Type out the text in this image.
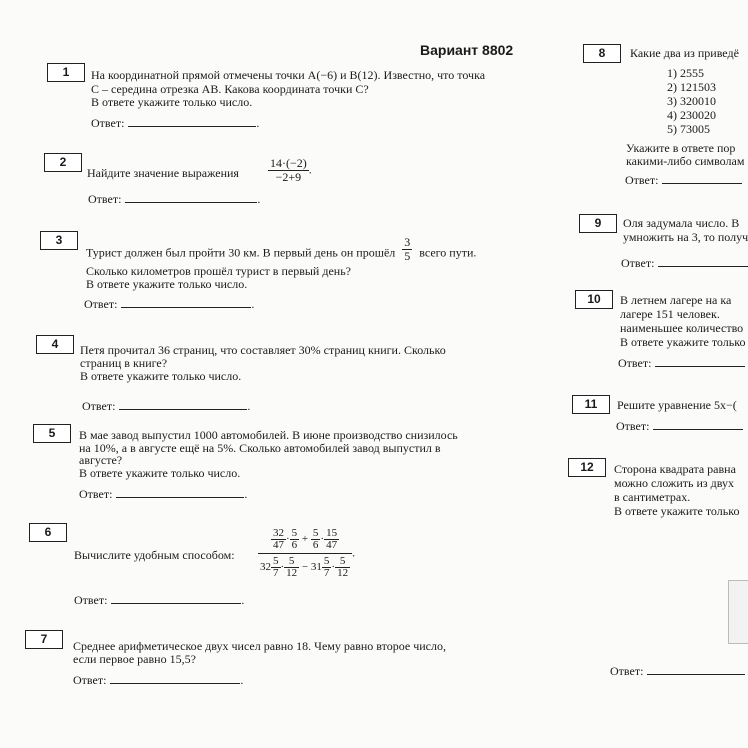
Вариант 8802
1	На координатной прямой отмечены точки A(−6) и B(12). Известно, что точка
C – середина отрезка AB. Какова координата точки C?
В ответе укажите только число.
Ответ:	.
2
Найдите значение выражения $\frac{14\cdot(-2)}{-2+9}$ .
Ответ:	.
3
Турист должен был пройти 30 км. В первый день он прошёл $\frac{3}{5}$ всего пути.
Сколько километров прошёл турист в первый день?
В ответе укажите только число.
Ответ:	.
4	Петя прочитал 36 страниц, что составляет 30% страниц книги. Сколько
страниц в книге?
В ответе укажите только число.
Ответ:	.
5	В мае завод выпустил 1000 автомобилей. В июне производство снизилось
на 10%, а в августе ещё на 5%. Сколько автомобилей завод выпустил в
августе?
В ответе укажите только число.
Ответ:	.
6
Вычислите удобным способом: $\frac{\frac{32}{47} \cdot \frac{5}{6} + \frac{5}{6} \cdot \frac{15}{47}}{32 \frac{5}{7} \cdot \frac{5}{12} - 31 \frac{5}{7} \cdot \frac{5}{12}}$ .
Ответ:	.
7	Среднее арифметическое двух чисел равно 18. Чему равно второе число,
если первое равно 15,5?
Ответ:	.
8	Какие два из приведё
1) 2555
2) 121503
3) 320010
4) 230020
5) 73005
Укажите в ответе пор
какими-либо символам
Ответ:
9	Оля задумала число. В
умножить на 3, то получ
Ответ:
10	В летнем лагере на ка
лагере 151 человек.
наименьшее количество
В ответе укажите только
Ответ:
11	Решите уравнение 5x−(
Ответ:
12	Сторона квадрата равна
можно сложить из двух
в сантиметрах.
В ответе укажите только
Ответ:
